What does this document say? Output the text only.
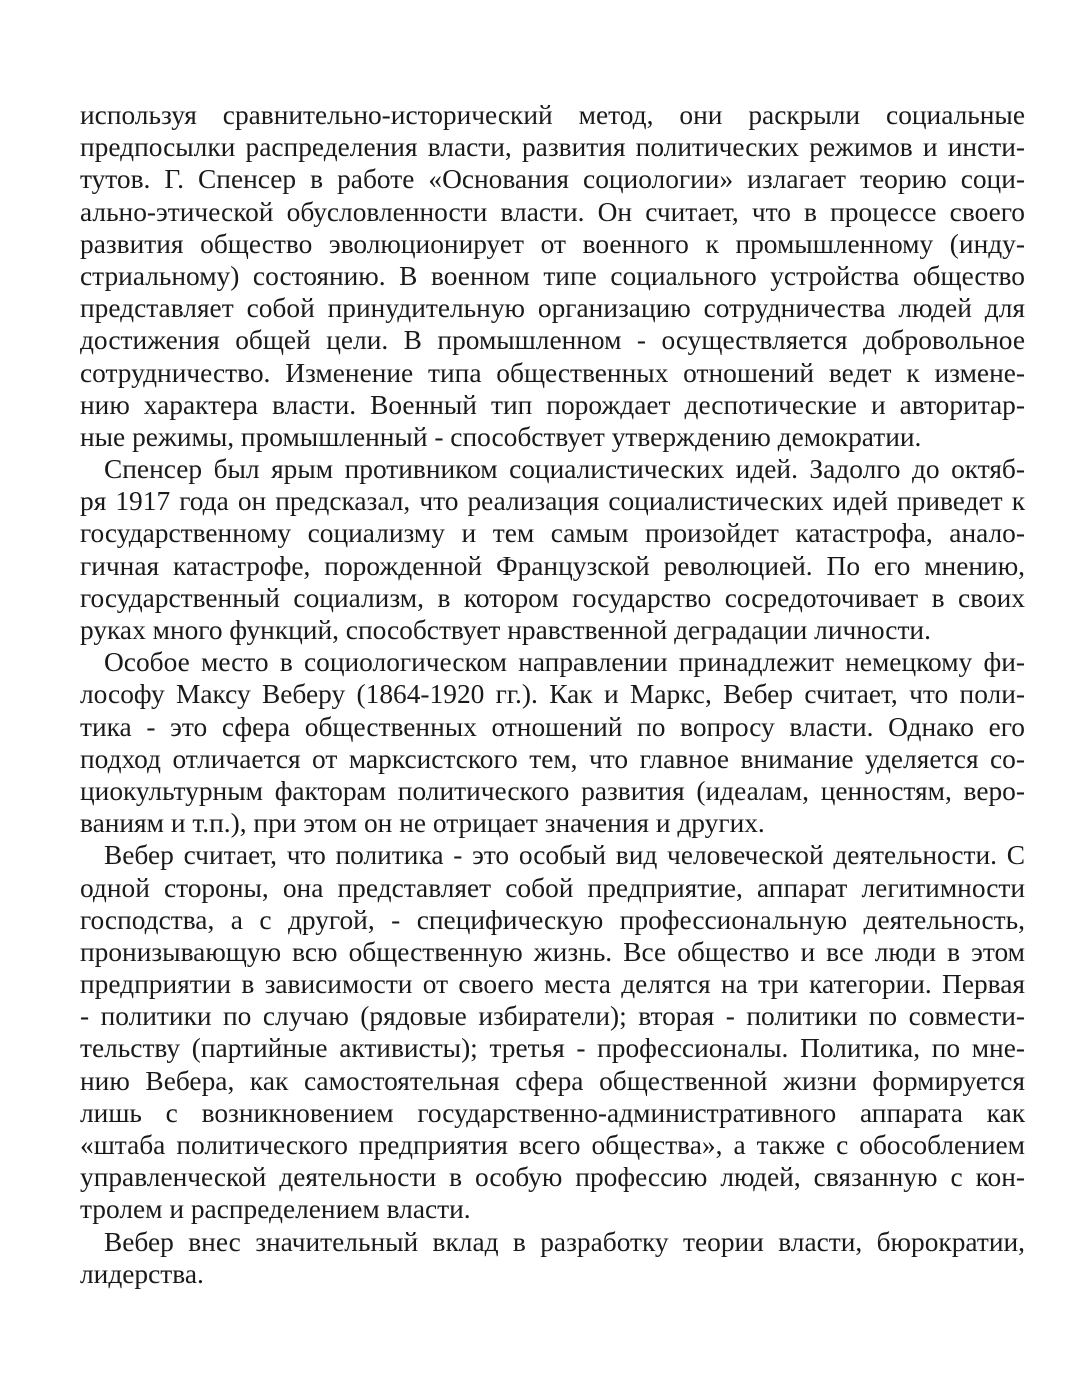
используя сравнительно-исторический метод, они раскрыли социальные
предпосылки распределения власти, развития политических режимов и инсти-
тутов. Г. Спенсер в работе «Основания социологии» излагает теорию соци-
ально-этической обусловленности власти. Он считает, что в процессе своего
развития общество эволюционирует от военного к промышленному (инду-
стриальному) состоянию. В военном типе социального устройства общество
представляет собой принудительную организацию сотрудничества людей для
достижения общей цели. В промышленном - осуществляется добровольное
сотрудничество. Изменение типа общественных отношений ведет к измене-
нию характера власти. Военный тип порождает деспотические и авторитар-
ные режимы, промышленный - способствует утверждению демократии.
Спенсер был ярым противником социалистических идей. Задолго до октяб-
ря 1917 года он предсказал, что реализация социалистических идей приведет к
государственному социализму и тем самым произойдет катастрофа, анало-
гичная катастрофе, порожденной Французской революцией. По его мнению,
государственный социализм, в котором государство сосредоточивает в своих
руках много функций, способствует нравственной деградации личности.
Особое место в социологическом направлении принадлежит немецкому фи-
лософу Максу Веберу (1864-1920 гг.). Как и Маркс, Вебер считает, что поли-
тика - это сфера общественных отношений по вопросу власти. Однако его
подход отличается от марксистского тем, что главное внимание уделяется со-
циокультурным факторам политического развития (идеалам, ценностям, веро-
ваниям и т.п.), при этом он не отрицает значения и других.
Вебер считает, что политика - это особый вид человеческой деятельности. С
одной стороны, она представляет собой предприятие, аппарат легитимности
господства, а с другой, - специфическую профессиональную деятельность,
пронизывающую всю общественную жизнь. Все общество и все люди в этом
предприятии в зависимости от своего места делятся на три категории. Первая
- политики по случаю (рядовые избиратели); вторая - политики по совмести-
тельству (партийные активисты); третья - профессионалы. Политика, по мне-
нию Вебера, как самостоятельная сфера общественной жизни формируется
лишь с возникновением государственно-административного аппарата как
«штаба политического предприятия всего общества», а также с обособлением
управленческой деятельности в особую профессию людей, связанную с кон-
тролем и распределением власти.
Вебер внес значительный вклад в разработку теории власти, бюрократии,
лидерства.
